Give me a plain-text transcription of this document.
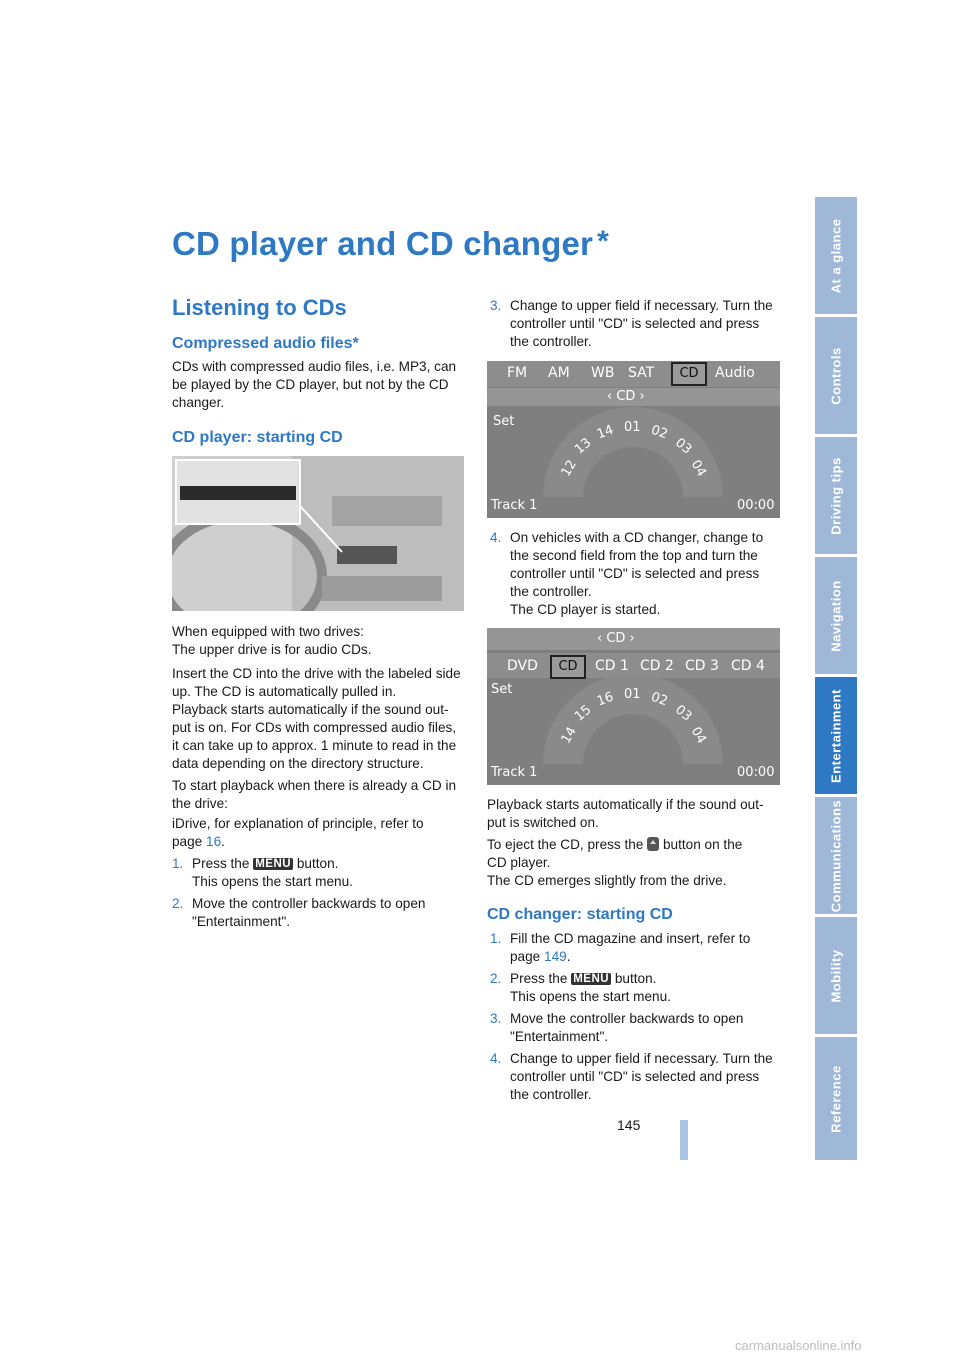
CD player and CD changer *
Listening to CDs
Compressed audio files*
CDs with compressed audio files, i.e. MP3, can
be played by the CD player, but not by the CD
changer.
CD player: starting CD
When equipped with two drives:
The upper drive is for audio CDs.
Insert the CD into the drive with the labeled side
up. The CD is automatically pulled in.
Playback starts automatically if the sound out-
put is on. For CDs with compressed audio files,
it can take up to approx. 1 minute to read in the
data depending on the directory structure.
To start playback when there is already a CD in
the drive:
iDrive, for explanation of principle, refer to
page 16.
1. Press the MENU button.
This opens the start menu.
2. Move the controller backwards to open
"Entertainment".
3. Change to upper field if necessary. Turn the
controller until "CD" is selected and press
the controller.
FM AM WB SAT	CD	Audio
‹ CD ›
Set
12
13
14 01 02
03
04
Track 1	00:00
4. On vehicles with a CD changer, change to
the second field from the top and turn the
controller until "CD" is selected and press
the controller.
The CD player is started.
‹ CD ›
DVD	CD	CD 1 CD 2 CD 3 CD 4
Set
14
15
16 01 02
03
04
Track 1	00:00
Playback starts automatically if the sound out-
put is switched on.
To eject the CD, press the button on the
CD player.
The CD emerges slightly from the drive.
CD changer: starting CD
1. Fill the CD magazine and insert, refer to
page 149.
2. Press the MENU button.
This opens the start menu.
3. Move the controller backwards to open
"Entertainment".
4. Change to upper field if necessary. Turn the
controller until "CD" is selected and press
the controller.
At a glance
Controls
Driving tips
Navigation
Entertainment
Communications
Mobility
Reference
145
carmanualsonline.info
